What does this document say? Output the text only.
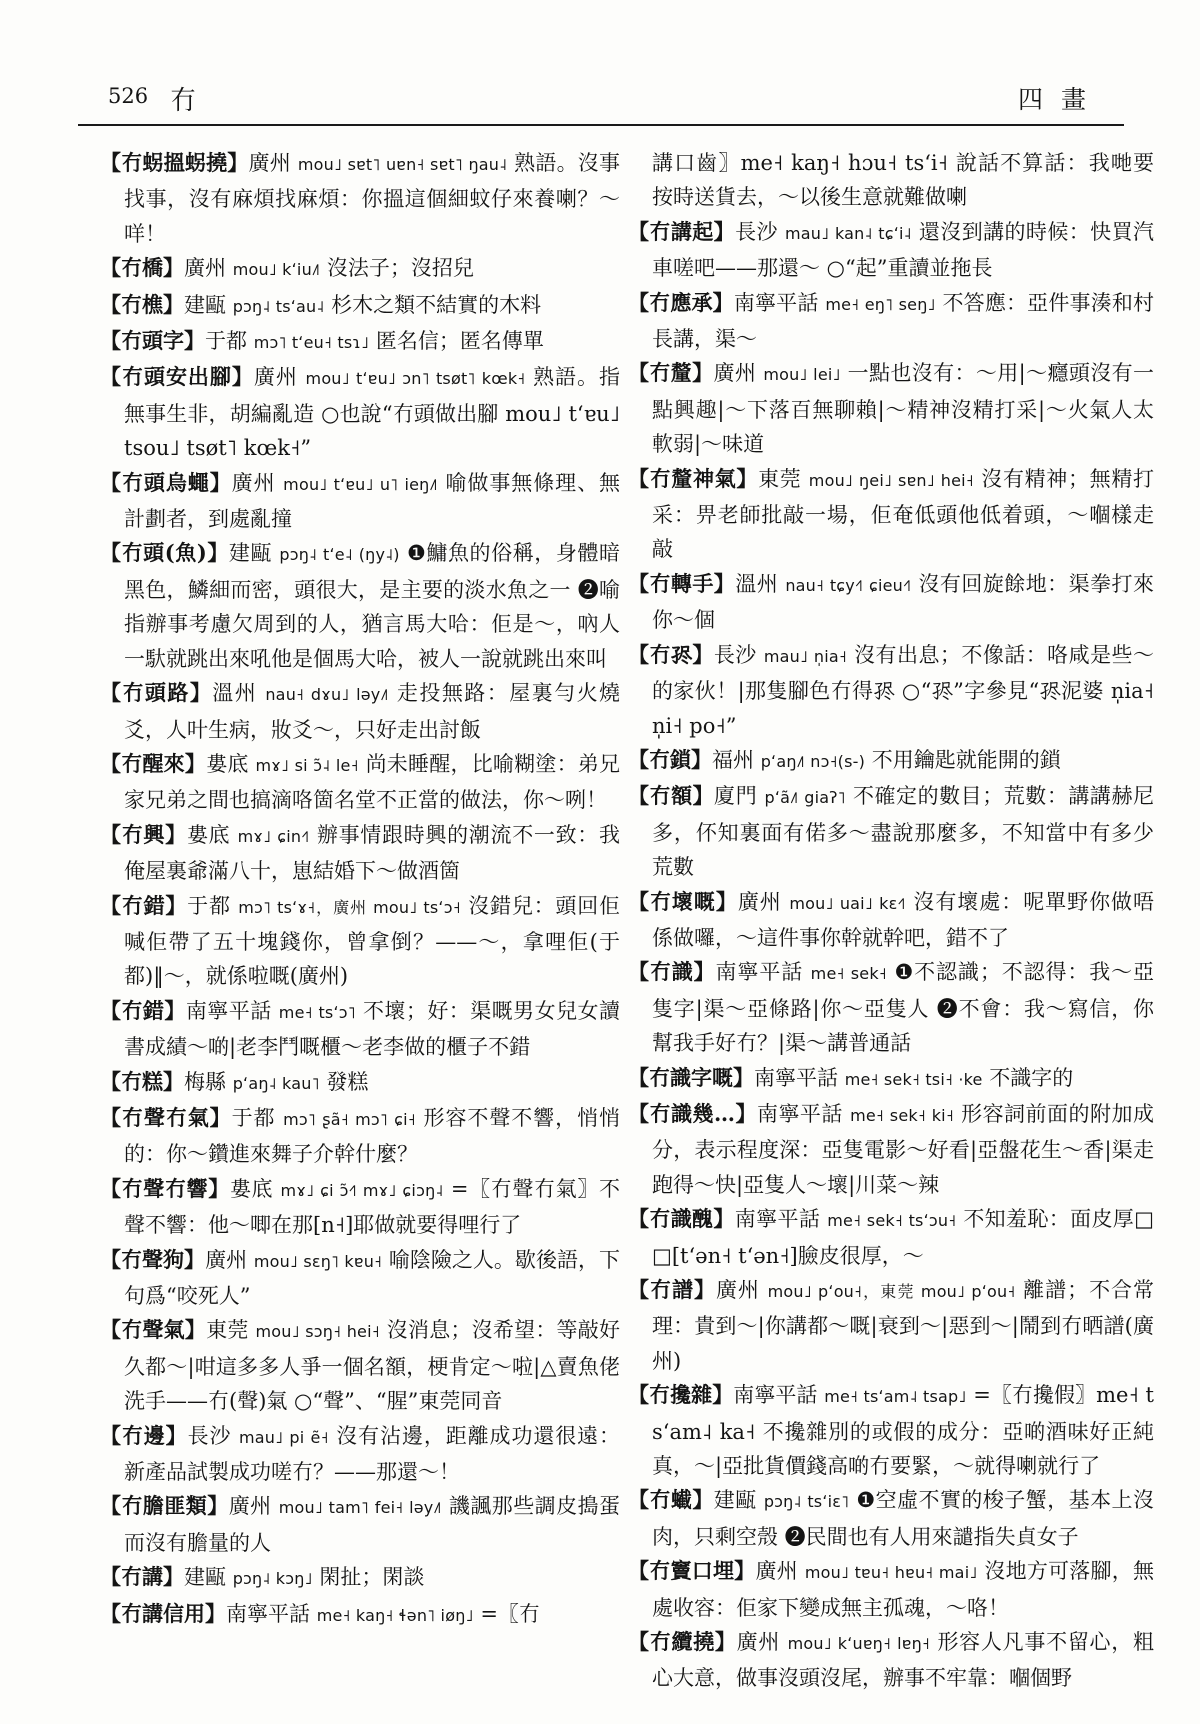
526 冇	四畫

【冇𧊅搵𧊅撓】廣州 mou˩ sɐt˥ uɐn˧ sɐt˥ ŋau˨ 熟語。沒事找事，沒有麻煩找麻煩：你搵這個細蚊仔來養喇？～咩！

【冇橋】廣州 mou˩ kʻiu˩˥ 沒法子；沒招兒

【冇樵】建甌 pɔŋ˨ tsʻau˨ 杉木之類不結實的木料

【冇頭字】于都 mɔ˥ tʻeu˧ tsɿ˩ 匿名信；匿名傳單

【冇頭安出腳】廣州 mou˩ tʻɐu˩ ɔn˥ tsøt˥ kœk˧ 熟語。指無事生非，胡編亂造 ○也說“冇頭做出腳 mou˩ tʻɐu˩ tsou˩ tsøt˥ kœk˧”

【冇頭烏蠅】廣州 mou˩ tʻɐu˩ u˥ ieŋ˩˥ 喻做事無條理、無計劃者，到處亂撞

【冇頭(魚)】建甌 pɔŋ˨ tʻe˨ (ŋy˨) ❶鱅魚的俗稱，身體暗黑色，鱗細而密，頭很大，是主要的淡水魚之一 ❷喻指辦事考慮欠周到的人，猶言馬大哈：佢是～，吶人一馱就跳出來吼他是個馬大哈，被人一說就跳出來叫

【冇頭路】溫州 nau˧ dɤu˩ ləy˩˥ 走投無路：屋裏勻火燒爻，人叶生病，妝爻～，只好走出討飯

【冇醒來】婁底 mɤ˩ si ɔ̃˨ le˧ 尚未睡醒，比喻糊塗：弟兄家兄弟之間也搞滴咯箇名堂不正當的做法，你～咧！

【冇興】婁底 mɤ˩ ɕin˧˥ 辦事情跟時興的潮流不一致：我俺屋裏爺滿八十，崽結婚下～做酒箇

【冇錯】于都 mɔ˥ tsʻɤ˧，廣州 mou˩ tsʻɔ˧ 沒錯兒：頭回佢喊佢帶了五十塊錢你，曾拿倒？——～，拿哩佢(于都)‖～，就係啦嘅(廣州)

【冇錯】南寧平話 me˧ tsʻɔ˥ 不壞；好：渠嘅男女兒女讀書成績～啲|老李鬥嘅櫃～老李做的櫃子不錯

【冇糕】梅縣 pʻaŋ˨ kau˥ 發糕

【冇聲冇氣】于都 mɔ˥ ʂã˧ mɔ˥ ɕi˧ 形容不聲不響，悄悄的：你～鑽進來舞子介幹什麼？

【冇聲冇響】婁底 mɤ˩ ɕi ɔ̃˧˥ mɤ˩ ɕiɔŋ˨ =〖冇聲冇氣〗不聲不響：他～唧在那[n˧]耶做就要得哩行了

【冇聲狗】廣州 mou˩ sɛŋ˥ kɐu˧ 喻陰險之人。歇後語，下句爲“咬死人”

【冇聲氣】東莞 mou˩ sɔŋ˧ hei˧ 沒消息；沒希望：等敲好久都～|咁這多多人爭一個名額，梗肯定～啦|△賣魚佬洗手——冇(聲)氣 ○“聲”、“腥”東莞同音

【冇邊】長沙 mau˩ pi ẽ˧ 沒有沾邊，距離成功還很遠：新產品試製成功嗟冇？——那還～！

【冇膽匪類】廣州 mou˩ tam˥ fei˧ ləy˩˥ 譏諷那些調皮搗蛋而沒有膽量的人

【冇講】建甌 pɔŋ˨ kɔŋ˩ 閑扯；閑談

【冇講信用】南寧平話 me˧ kaŋ˧ ɬən˥ iøŋ˩ =〖冇

講口齒〗me˧ kaŋ˧ hɔu˧ tsʻi˧ 說話不算話：我哋要按時送貨去，～以後生意就難做喇

【冇講起】長沙 mau˩ kan˨ tɕʻi˨ 還沒到講的時候：快買汽車嗟吧——那還～ ○“起”重讀並拖長

【冇應承】南寧平話 me˧ eŋ˥ seŋ˩ 不答應：亞件事湊和村長講，渠～

【冇釐】廣州 mou˩ lei˩ 一點也沒有：～用|～癮頭沒有一點興趣|～下落百無聊賴|～精神沒精打采|～火氣人太軟弱|～味道

【冇釐神氣】東莞 mou˩ ŋei˩ sɐn˩ hei˧ 沒有精神；無精打采：畀老師批敲一場，佢奄低頭他低着頭，～嗰樣走敲

【冇轉手】溫州 nau˧ tɕy˧˥ ɕieu˧˥ 沒有回旋餘地：渠拳打來你～個

【冇𡥧】長沙 mau˩ n̩ia˧ 沒有出息；不像話：咯咸是些～的家伙！|那隻腳色冇得𡥧 ○“𡥧”字參見“𡥧泥婆 n̩ia˧ n̩i˧ po˧”

【冇鎖】福州 pʻaŋ˩˥ nɔ˧(s-) 不用鑰匙就能開的鎖

【冇額】廈門 pʻã˩˥ giaʔ˥ 不確定的數目；荒數：講講赫尼多，伓知裏面有偌多～盡說那麼多，不知當中有多少荒數

【冇壞嘅】廣州 mou˩ uai˩ kɛ˧˥ 沒有壞處：呢單野你做唔係做囉，～這件事你幹就幹吧，錯不了

【冇識】南寧平話 me˧ sek˧ ❶不認識；不認得：我～亞隻字|渠～亞條路|你～亞隻人 ❷不會：我～寫信，你幫我手好冇？|渠～講普通話

【冇識字嘅】南寧平話 me˧ sek˧ tsi˧ ·ke 不識字的

【冇識幾…】南寧平話 me˧ sek˧ ki˧ 形容詞前面的附加成分，表示程度深：亞隻電影～好看|亞盤花生～香|渠走跑得～快|亞隻人～壞|川菜～辣

【冇識醜】南寧平話 me˧ sek˧ tsʻɔu˧ 不知羞恥：面皮厚□□[tʻən˧ tʻən˧]臉皮很厚，～

【冇譜】廣州 mou˩ pʻou˧，東莞 mou˩ pʻou˧ 離譜；不合常理：貴到～|你講都～嘅|衰到～|惡到～|鬧到冇晒譜(廣州)

【冇攙雜】南寧平話 me˧ tsʻam˨ tsap˩ =〖冇攙假〗me˧ tsʻam˨ ka˧ 不攙雜別的或假的成分：亞啲酒味好正純真，～|亞批貨價錢高啲冇要緊，～就得喇就行了

【冇蠘】建甌 pɔŋ˨ tsʻiɛ˥ ❶空虛不實的梭子蟹，基本上沒肉，只剩空殼 ❷民間也有人用來譴指失貞女子

【冇竇口埋】廣州 mou˩ tɐu˧ hɐu˧ mai˩ 沒地方可落腳，無處收容：佢家下變成無主孤魂，～咯！

【冇纜撓】廣州 mou˩ kʻuɐŋ˧ lɐŋ˧ 形容人凡事不留心，粗心大意，做事沒頭沒尾，辦事不牢靠：嗰個野
